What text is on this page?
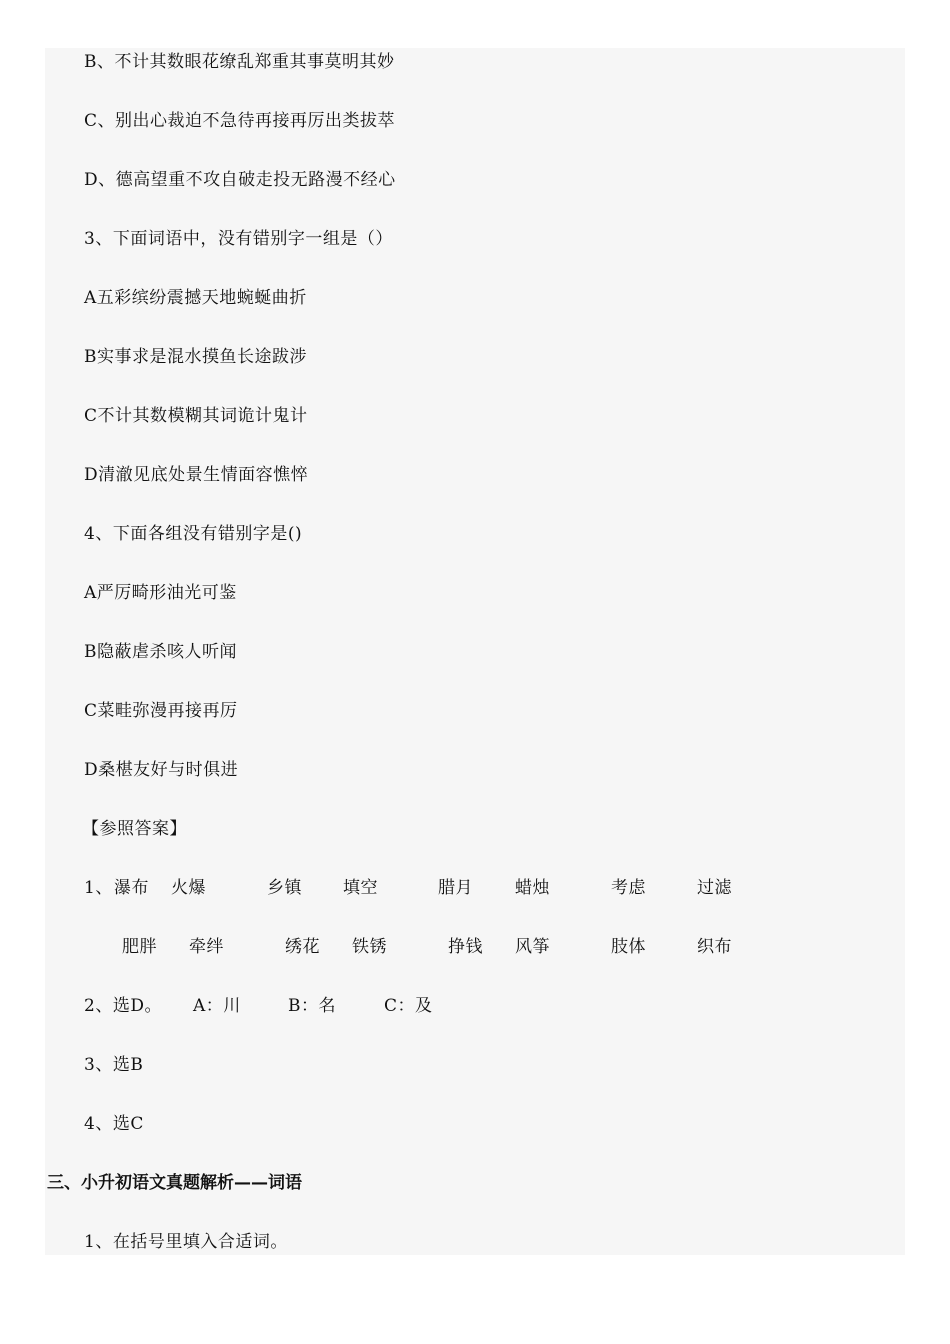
B、不计其数眼花缭乱郑重其事莫明其妙
C、别出心裁迫不急待再接再厉出类拔萃
D、德高望重不攻自破走投无路漫不经心
3、下面词语中，没有错别字一组是（）
A五彩缤纷震撼天地蜿蜒曲折
B实事求是混水摸鱼长途跋涉
C不计其数模糊其词诡计鬼计
D清澈见底处景生情面容憔悴
4、下面各组没有错别字是()
A严厉畸形油光可鉴
B隐蔽虐杀咳人听闻
C菜畦弥漫再接再厉
D桑椹友好与时俱进
【参照答案】
1、 瀑布 火爆	乡镇 填空	腊月 蜡烛	考虑	过滤
肥胖 牵绊	绣花 铁锈	挣钱 风筝	肢体	织布
2、选D。 A：川	B：名	C：及
3、选B
4、选C
三、小升初语文真题解析——词语
1、在括号里填入合适词。
